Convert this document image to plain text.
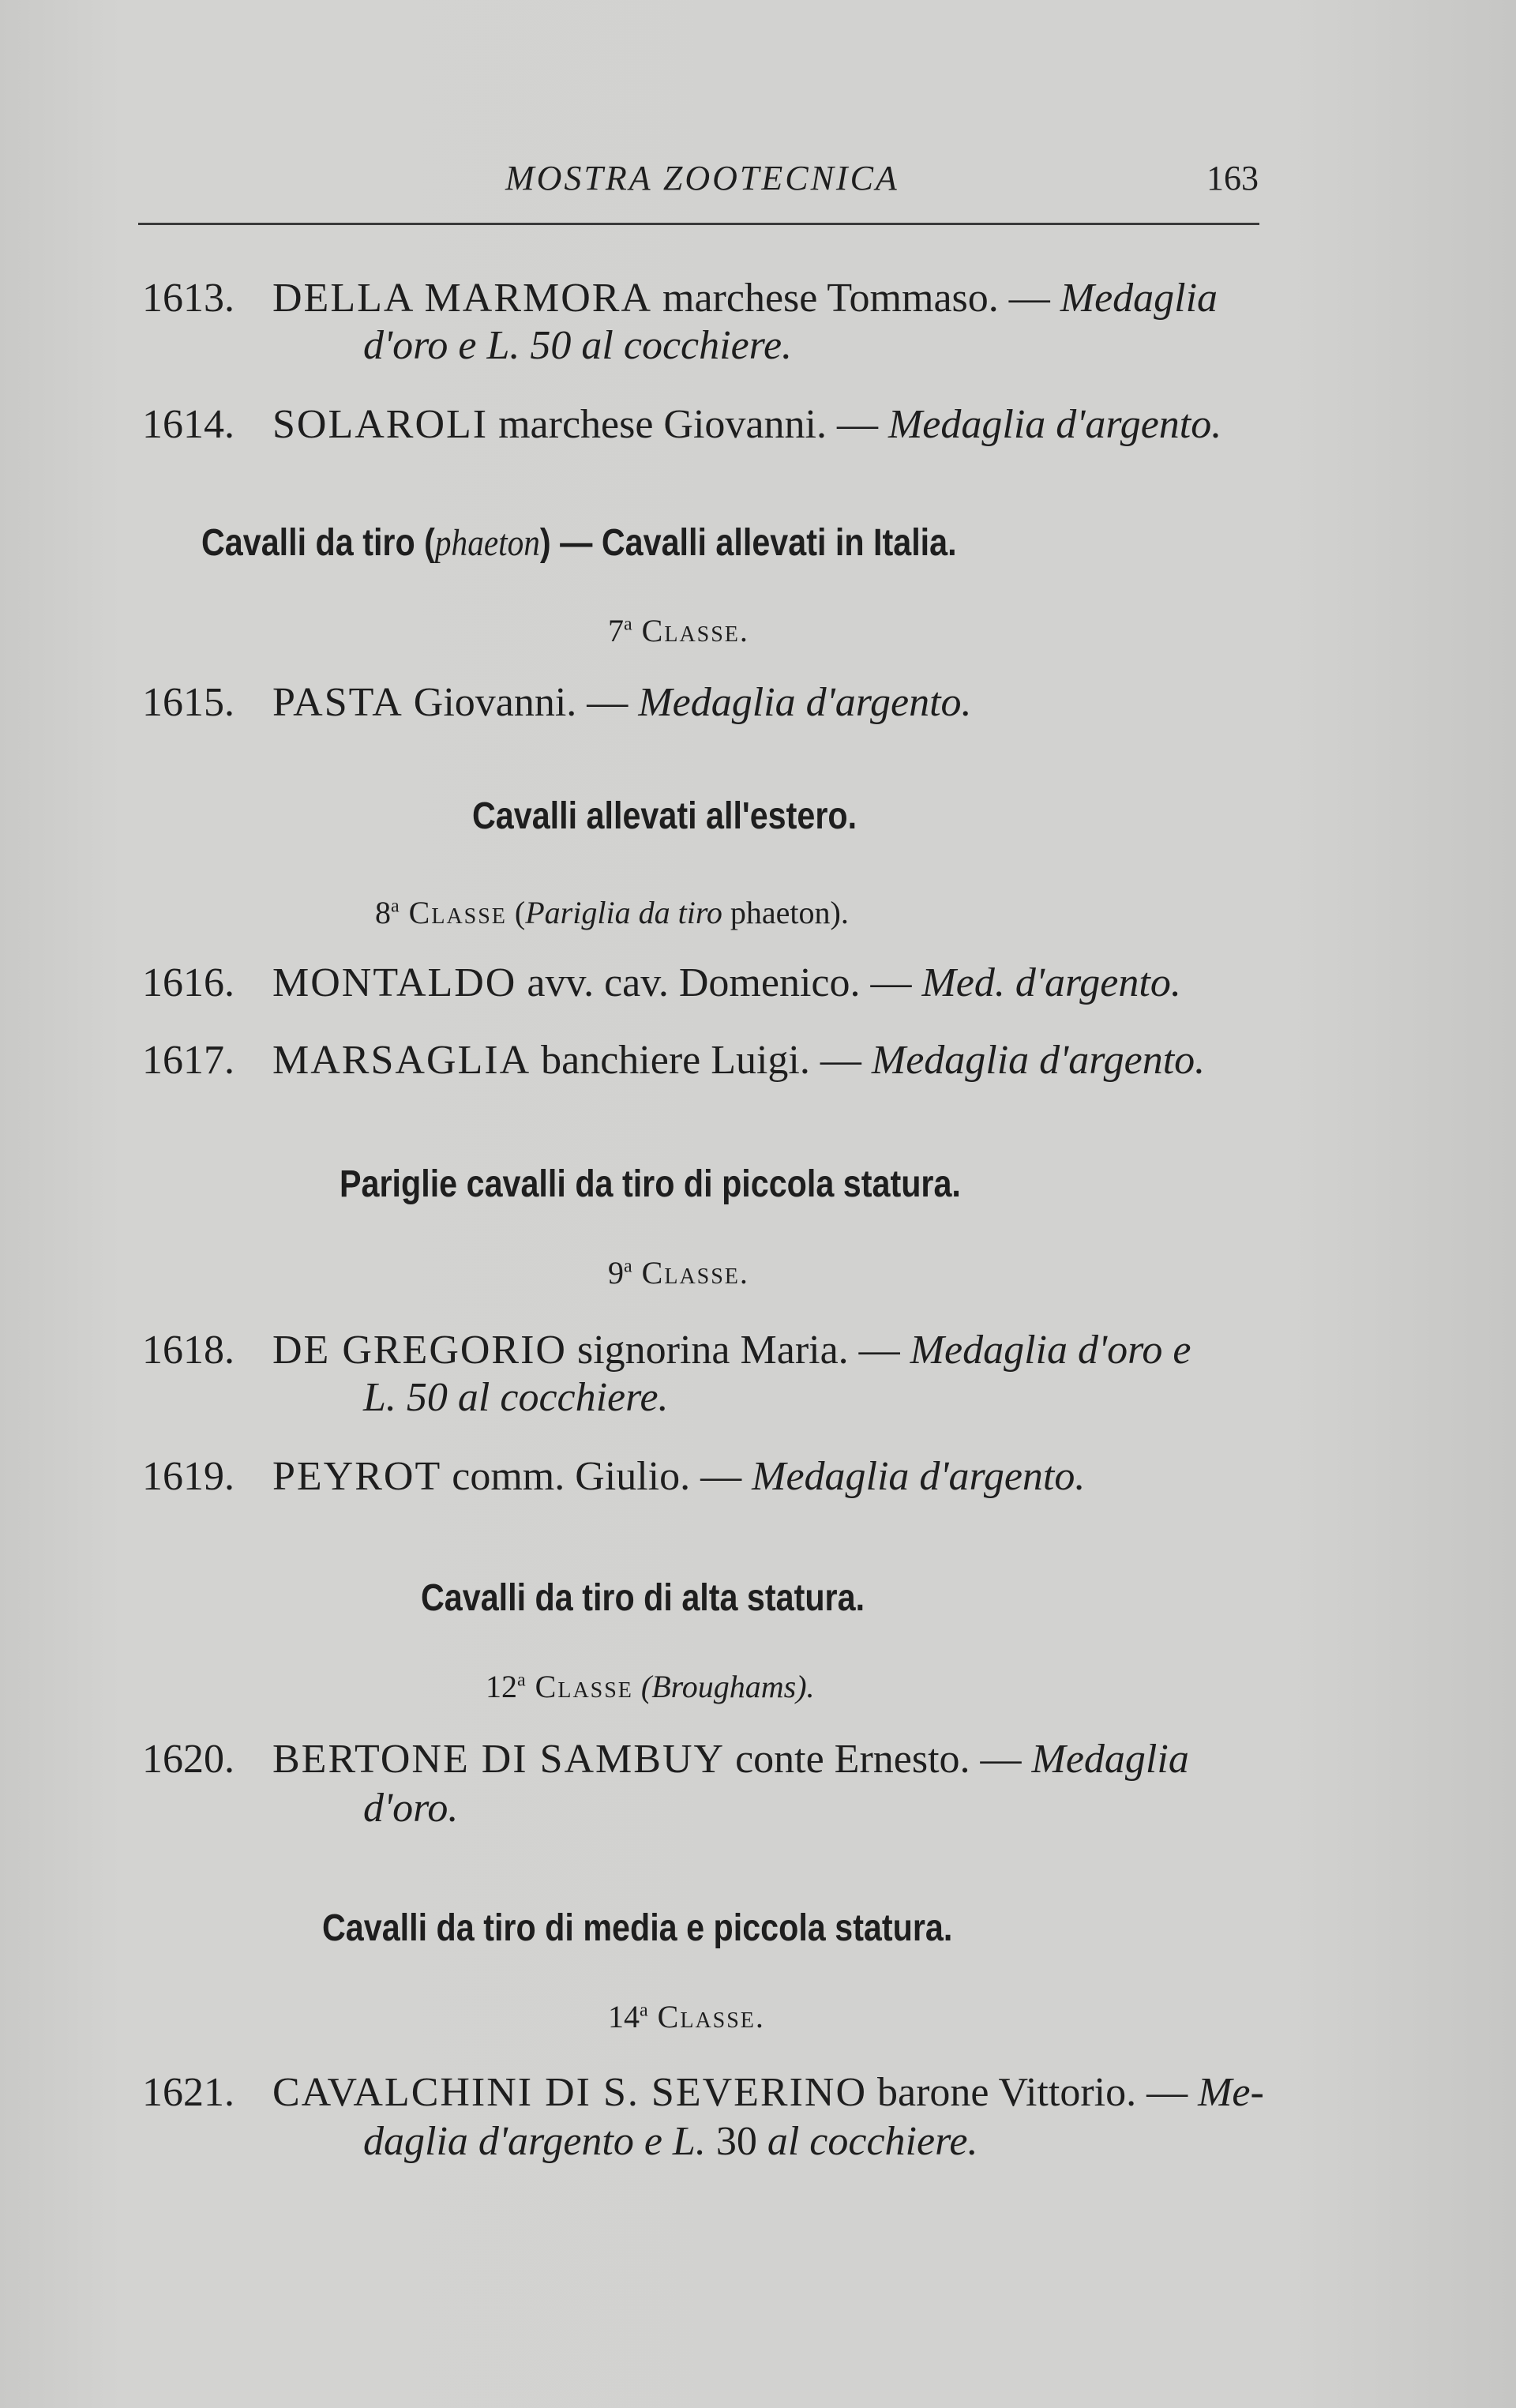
MOSTRA ZOOTECNICA	163
1613. DELLA MARMORA marchese Tommaso. — Medaglia
d'oro e L. 50 al cocchiere.
1614. SOLAROLI marchese Giovanni. — Medaglia d'argento.
Cavalli da tiro (phaeton) — Cavalli allevati in Italia.
7$^a$ Classe.
1615. PASTA Giovanni. — Medaglia d'argento.
Cavalli allevati all'estero.
8$^a$ Classe (Pariglia da tiro phaeton).
1616. MONTALDO avv. cav. Domenico. — Med. d'argento.
1617. MARSAGLIA banchiere Luigi. — Medaglia d'argento.
Pariglie cavalli da tiro di piccola statura.
9$^a$ Classe.
1618. DE GREGORIO signorina Maria. — Medaglia d'oro e
L. 50 al cocchiere.
1619. PEYROT comm. Giulio. — Medaglia d'argento.
Cavalli da tiro di alta statura.
12$^a$ Classe (Broughams).
1620. BERTONE DI SAMBUY conte Ernesto. — Medaglia
d'oro.
Cavalli da tiro di media e piccola statura.
14$^a$ Classe.
1621. CAVALCHINI DI S. SEVERINO barone Vittorio. — Me-
daglia d'argento e L. 30 al cocchiere.
